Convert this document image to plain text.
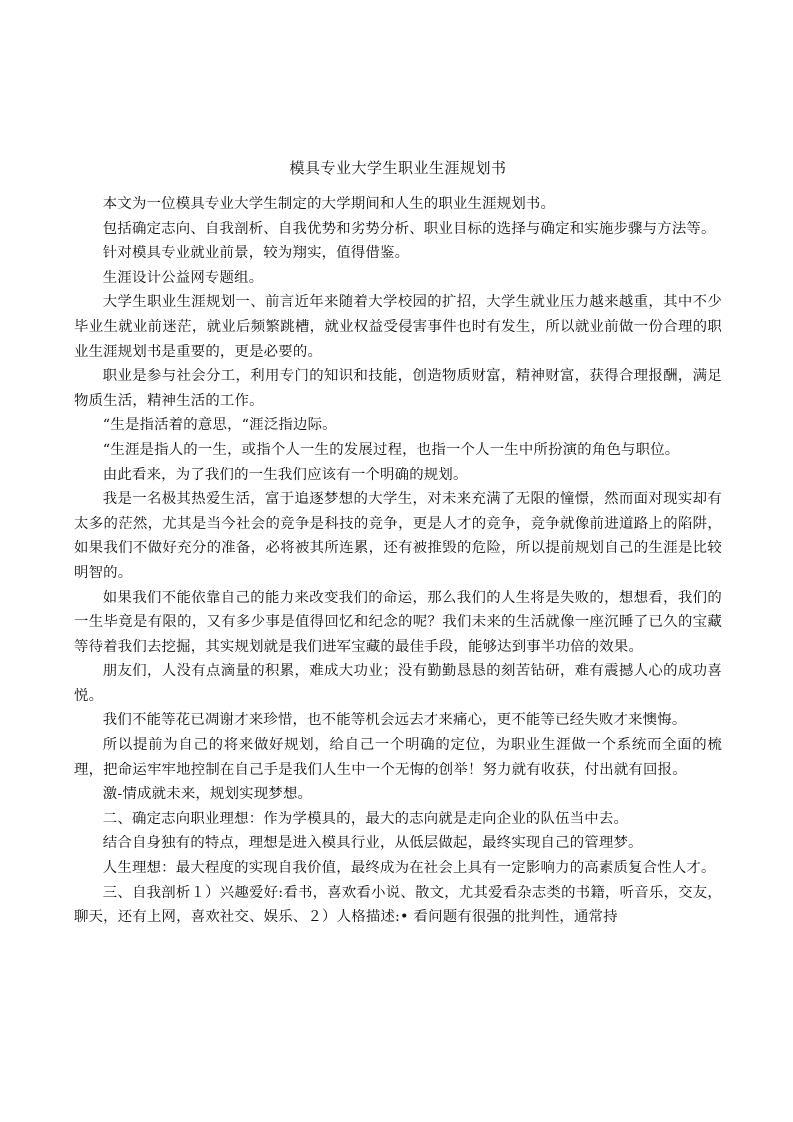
模具专业大学生职业生涯规划书

本文为一位模具专业大学生制定的大学期间和人生的职业生涯规划书。

包括确定志向、自我剖析、自我优势和劣势分析、职业目标的选择与确定和实施步骤与方法等。

针对模具专业就业前景，较为翔实，值得借鉴。

生涯设计公益网专题组。

大学生职业生涯规划一、前言近年来随着大学校园的扩招，大学生就业压力越来越重，其中不少毕业生就业前迷茫，就业后频繁跳槽，就业权益受侵害事件也时有发生，所以就业前做一份合理的职业生涯规划书是重要的，更是必要的。

职业是参与社会分工，利用专门的知识和技能，创造物质财富，精神财富，获得合理报酬，满足物质生活，精神生活的工作。

“生是指活着的意思，“涯泛指边际。

“生涯是指人的一生，或指个人一生的发展过程，也指一个人一生中所扮演的角色与职位。

由此看来，为了我们的一生我们应该有一个明确的规划。

我是一名极其热爱生活，富于追逐梦想的大学生，对未来充满了无限的憧憬，然而面对现实却有太多的茫然，尤其是当今社会的竞争是科技的竞争，更是人才的竞争，竞争就像前进道路上的陷阱，如果我们不做好充分的准备，必将被其所连累，还有被推毁的危险，所以提前规划自己的生涯是比较明智的。

如果我们不能依靠自己的能力来改变我们的命运，那么我们的人生将是失败的，想想看，我们的一生毕竟是有限的，又有多少事是值得回忆和纪念的呢？我们未来的生活就像一座沉睡了已久的宝藏等待着我们去挖掘，其实规划就是我们进军宝藏的最佳手段，能够达到事半功倍的效果。

朋友们，人没有点滴量的积累，难成大功业；没有勤勤恳恳的刻苦钻研，难有震撼人心的成功喜悦。

我们不能等花已凋谢才来珍惜，也不能等机会远去才来痛心，更不能等已经失败才来懊悔。

所以提前为自己的将来做好规划，给自己一个明确的定位，为职业生涯做一个系统而全面的梳理，把命运牢牢地控制在自己手是我们人生中一个无悔的创举！努力就有收获，付出就有回报。

激-情成就未来，规划实现梦想。

二、确定志向职业理想：作为学模具的，最大的志向就是走向企业的队伍当中去。

结合自身独有的特点，理想是进入模具行业，从低层做起，最终实现自己的管理梦。

人生理想：最大程度的实现自我价值，最终成为在社会上具有一定影响力的高素质复合性人才。

三、自我剖析１）兴趣爱好:看书，喜欢看小说、散文，尤其爱看杂志类的书籍，听音乐，交友，聊天，还有上网，喜欢社交、娱乐、２）人格描述:• 看问题有很强的批判性，通常持
